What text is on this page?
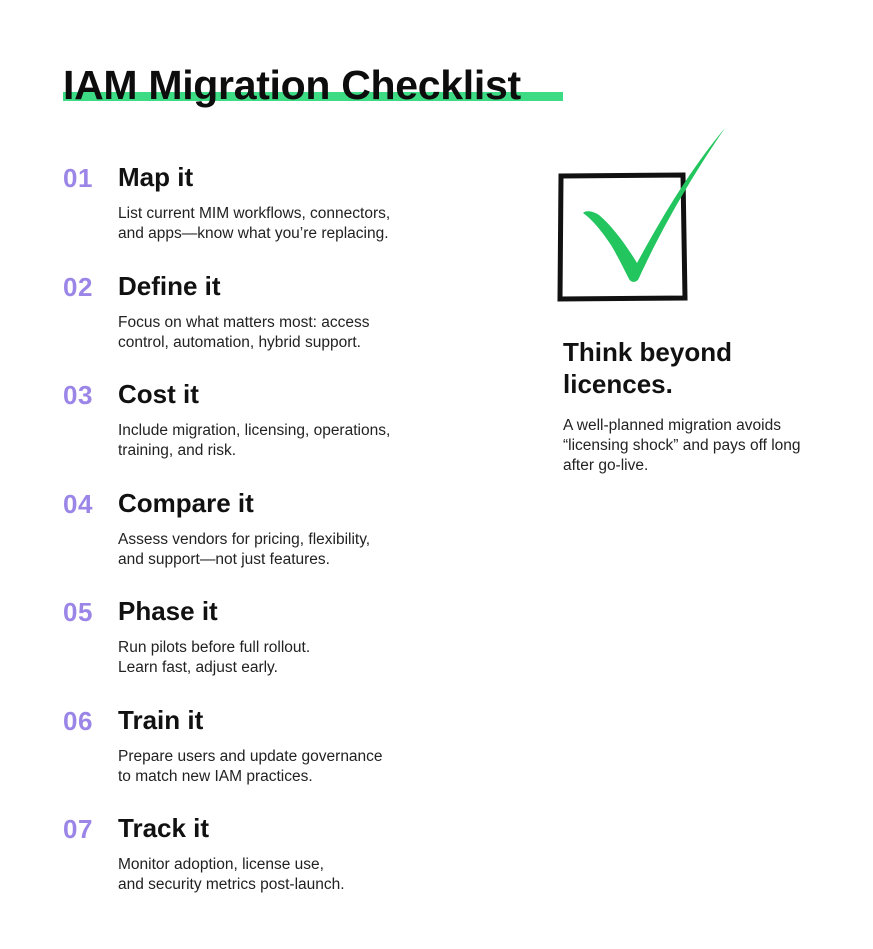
IAM Migration Checklist
01 Map it
List current MIM workflows, connectors,
and apps—know what you’re replacing.
02 Define it
Focus on what matters most: access
control, automation, hybrid support.
03 Cost it
Include migration, licensing, operations,
training, and risk.
04 Compare it
Assess vendors for pricing, flexibility,
and support—not just features.
05 Phase it
Run pilots before full rollout.
Learn fast, adjust early.
06 Train it
Prepare users and update governance
to match new IAM practices.
07 Track it
Monitor adoption, license use,
and security metrics post-launch.
Think beyond licences.
A well-planned migration avoids “licensing shock” and pays off long after go-live.
